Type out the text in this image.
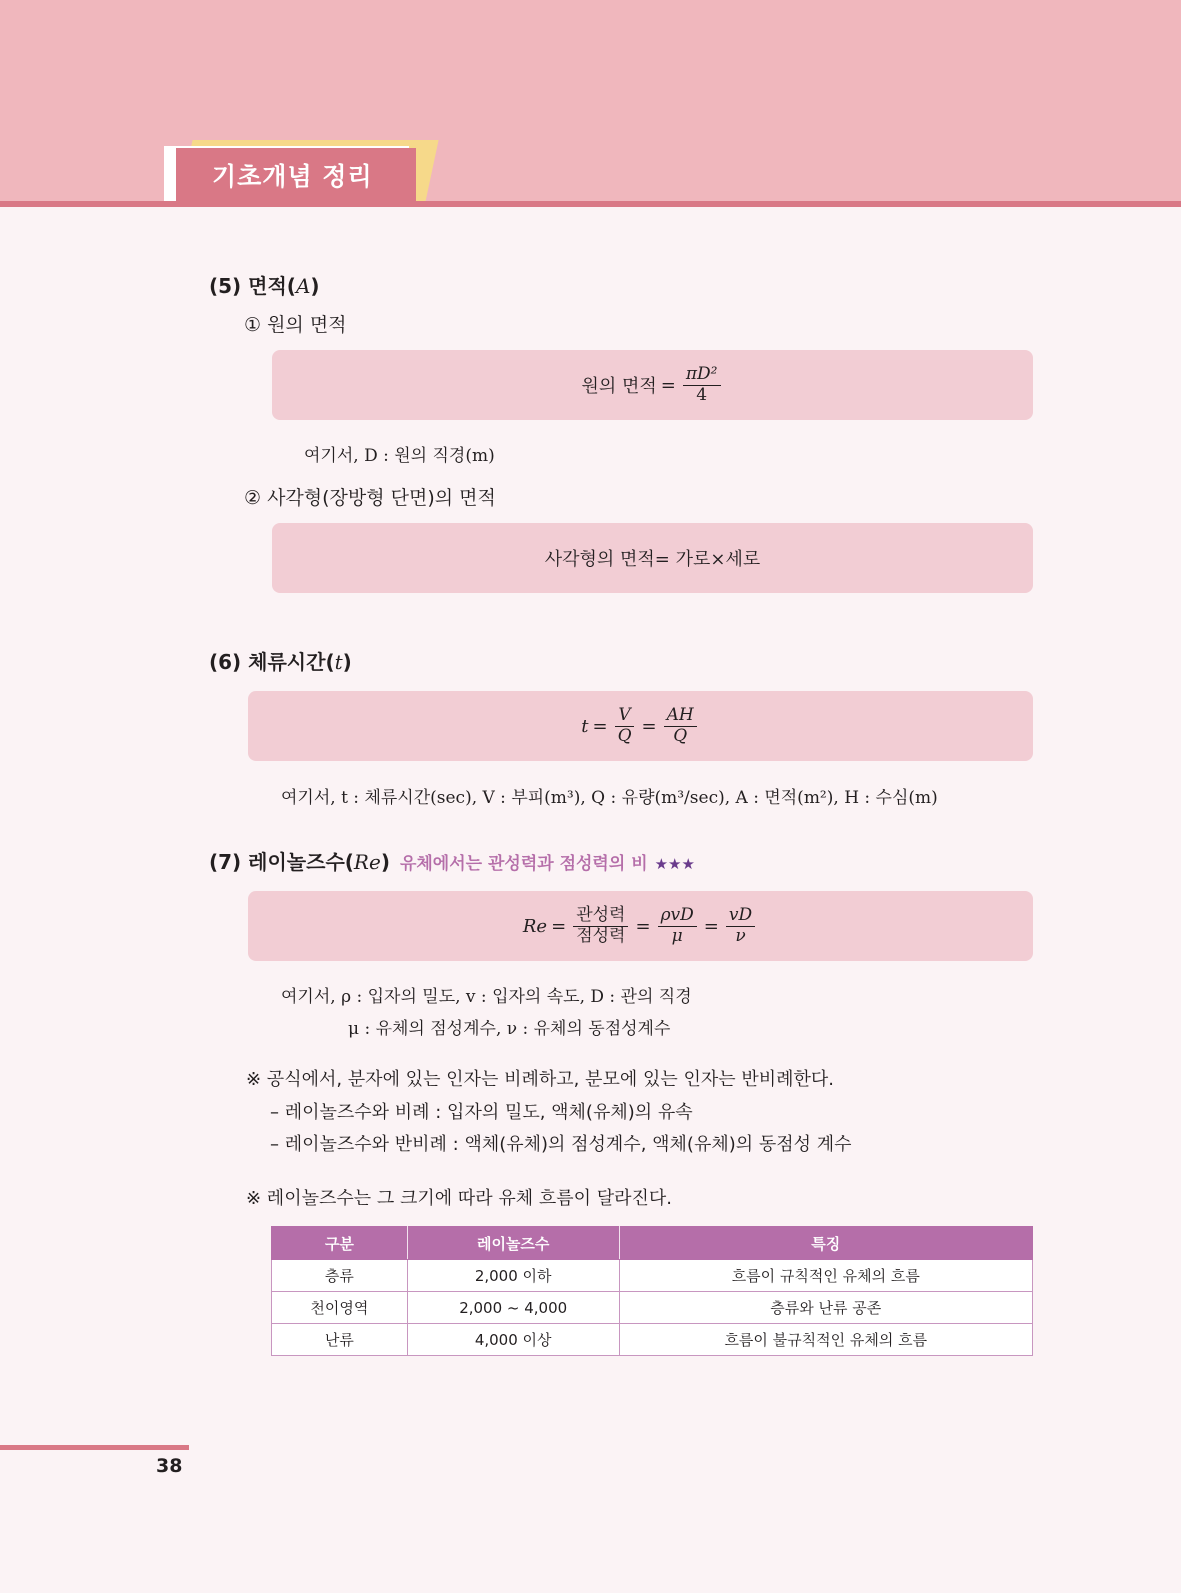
기초개념 정리
(5) 면적(A)
① 원의 면적
원의 면적 = $\frac{\text{πD²}}{4}$
여기서, D : 원의 직경(m)
② 사각형(장방형 단면)의 면적
사각형의 면적= 가로×세로
(6) 체류시간(t)
$t = \frac{V}{Q} = \frac{AH}{Q}$
여기서, t : 체류시간(sec), V : 부피(m³), Q : 유량(m³/sec), A : 면적(m²), H : 수심(m)
(7) 레이놀즈수(Re) 유체에서는 관성력과 점성력의 비 ★★★
$Re = \frac{\text{관성력}}{\text{점성력}} = \frac{\text{ρvD}}{\mu} = \frac{vD}{\nu}$
여기서, ρ : 입자의 밀도, v : 입자의 속도, D : 관의 직경
μ : 유체의 점성계수, ν : 유체의 동점성계수
※ 공식에서, 분자에 있는 인자는 비례하고, 분모에 있는 인자는 반비례한다.
– 레이놀즈수와 비례 : 입자의 밀도, 액체(유체)의 유속
– 레이놀즈수와 반비례 : 액체(유체)의 점성계수, 액체(유체)의 동점성 계수
※ 레이놀즈수는 그 크기에 따라 유체 흐름이 달라진다.
구분	레이놀즈수	특징
층류	2,000 이하	흐름이 규칙적인 유체의 흐름
천이영역	2,000 ~ 4,000	층류와 난류 공존
난류	4,000 이상	흐름이 불규칙적인 유체의 흐름
38
